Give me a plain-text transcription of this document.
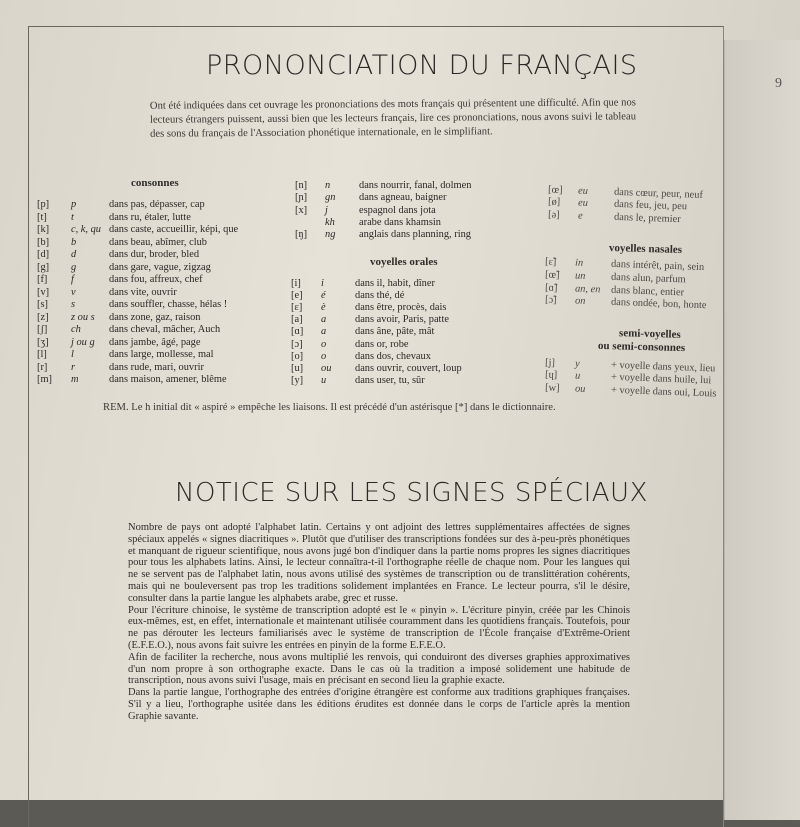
9
PRONONCIATION DU FRANÇAIS
Ont été indiquées dans cet ouvrage les prononciations des mots français qui présentent une difficulté. Afin que nos lecteurs étrangers puissent, aussi bien que les lecteurs français, lire ces prononciations, nous avons suivi le tableau des sons du français de l'Association phonétique internationale, en le simplifiant.
consonnes
[p] p	dans pas, dépasser, cap
[t] t	dans ru, étaler, lutte
[k] c, k, qu dans caste, accueillir, képi, que
[b] b	dans beau, abîmer, club
[d] d	dans dur, broder, bled
[g] g	dans gare, vague, zigzag
[f] f	dans fou, affreux, chef
[v] v	dans vite, ouvrir
[s] s	dans souffler, chasse, hélas !
[z] z ou s dans zone, gaz, raison
[ʃ] ch	dans cheval, mâcher, Auch
[ʒ] j ou g dans jambe, âgé, page
[l] l	dans large, mollesse, mal
[r] r	dans rude, mari, ouvrir
[m] m	dans maison, amener, blême
[n] n	dans nourrir, fanal, dolmen
[ɲ] gn dans agneau, baigner
[x] j	espagnol dans jota
kh arabe dans khamsin
[ŋ] ng anglais dans planning, ring
voyelles orales
[i] i	dans il, habit, dîner
[e] é	dans thé, dé
[ɛ] è	dans être, procès, dais
[a] a	dans avoir, Paris, patte
[ɑ] a	dans âne, pâte, mât
[ɔ] o	dans or, robe
[o] o	dans dos, chevaux
[u] ou dans ouvrir, couvert, loup
[y] u	dans user, tu, sûr
[œ] eu dans cœur, peur, neuf
[ø] eu dans feu, jeu, peu
[ə] e	dans le, premier
voyelles nasales
[ɛ̃] in	dans intérêt, pain, sein
[œ̃] un dans alun, parfum
[ɑ̃] an, en dans blanc, entier
[ɔ̃] on dans ondée, bon, honte
semi-voyelles
ou semi-consonnes
[j] y	+ voyelle dans yeux, lieu
[ɥ] u	+ voyelle dans huile, lui
[w] ou + voyelle dans oui, Louis
REM. Le h initial dit « aspiré » empêche les liaisons. Il est précédé d'un astérisque [*] dans le dictionnaire.
NOTICE SUR LES SIGNES SPÉCIAUX

Nombre de pays ont adopté l'alphabet latin. Certains y ont adjoint des lettres supplémentaires affectées de signes spéciaux appelés « signes diacritiques ». Plutôt que d'utiliser des transcriptions fondées sur des à-peu-près phonétiques et manquant de rigueur scientifique, nous avons jugé bon d'indiquer dans la partie noms propres les signes diacritiques pour tous les alphabets latins. Ainsi, le lecteur connaîtra-t-il l'orthographe réelle de chaque nom. Pour les langues qui ne se servent pas de l'alphabet latin, nous avons utilisé des systèmes de transcription ou de translittération cohérents, mais qui ne bouleversent pas trop les traditions solidement implantées en France. Le lecteur pourra, s'il le désire, consulter dans la partie langue les alphabets arabe, grec et russe.

Pour l'écriture chinoise, le système de transcription adopté est le « pinyin ». L'écriture pinyin, créée par les Chinois eux-mêmes, est, en effet, internationale et maintenant utilisée couramment dans les quotidiens français. Toutefois, pour ne pas dérouter les lecteurs familiarisés avec le système de transcription de l'École française d'Extrême-Orient (E.F.E.O.), nous avons fait suivre les entrées en pinyin de la forme E.F.E.O.

Afin de faciliter la recherche, nous avons multiplié les renvois, qui conduiront des diverses graphies approximatives d'un nom propre à son orthographe exacte. Dans le cas où la tradition a imposé solidement une habitude de transcription, nous avons suivi l'usage, mais en précisant en second lieu la graphie exacte.

Dans la partie langue, l'orthographe des entrées d'origine étrangère est conforme aux traditions graphiques françaises. S'il y a lieu, l'orthographe usitée dans les éditions érudites est donnée dans le corps de l'article après la mention Graphie savante.
